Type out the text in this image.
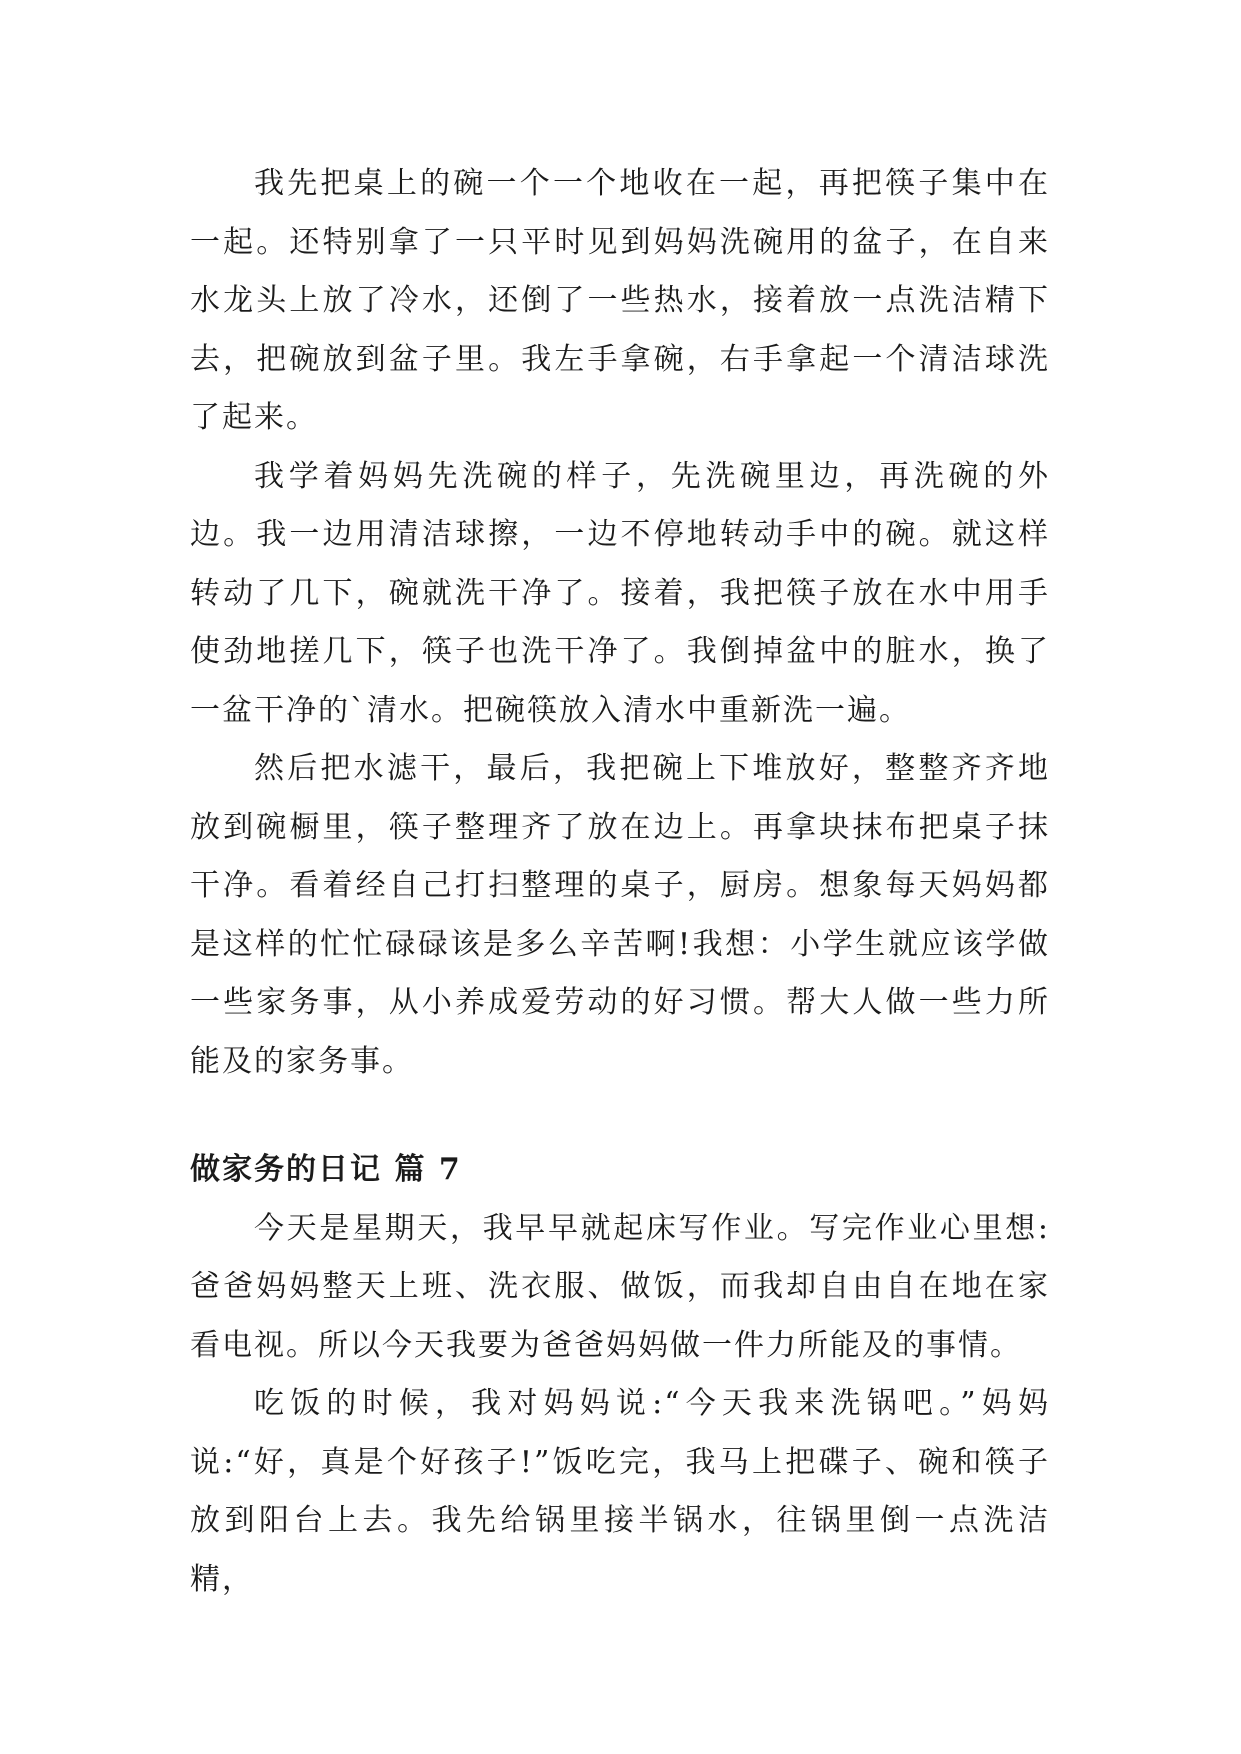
我先把桌上的碗一个一个地收在一起，再把筷子集中在一起。还特别拿了一只平时见到妈妈洗碗用的盆子，在自来水龙头上放了冷水，还倒了一些热水，接着放一点洗洁精下去，把碗放到盆子里。我左手拿碗，右手拿起一个清洁球洗了起来。

我学着妈妈先洗碗的样子，先洗碗里边，再洗碗的外边。我一边用清洁球擦，一边不停地转动手中的碗。就这样转动了几下，碗就洗干净了。接着，我把筷子放在水中用手使劲地搓几下，筷子也洗干净了。我倒掉盆中的脏水，换了一盆干净的`清水。把碗筷放入清水中重新洗一遍。

然后把水滤干，最后，我把碗上下堆放好，整整齐齐地放到碗橱里，筷子整理齐了放在边上。再拿块抹布把桌子抹干净。看着经自己打扫整理的桌子，厨房。想象每天妈妈都是这样的忙忙碌碌该是多么辛苦啊!我想：小学生就应该学做一些家务事，从小养成爱劳动的好习惯。帮大人做一些力所能及的家务事。

做家务的日记 篇 7

今天是星期天，我早早就起床写作业。写完作业心里想:爸爸妈妈整天上班、洗衣服、做饭，而我却自由自在地在家看电视。所以今天我要为爸爸妈妈做一件力所能及的事情。

吃饭的时候，我对妈妈说:“今天我来洗锅吧。”妈妈说:“好，真是个好孩子!”饭吃完，我马上把碟子、碗和筷子放到阳台上去。我先给锅里接半锅水，往锅里倒一点洗洁精，
